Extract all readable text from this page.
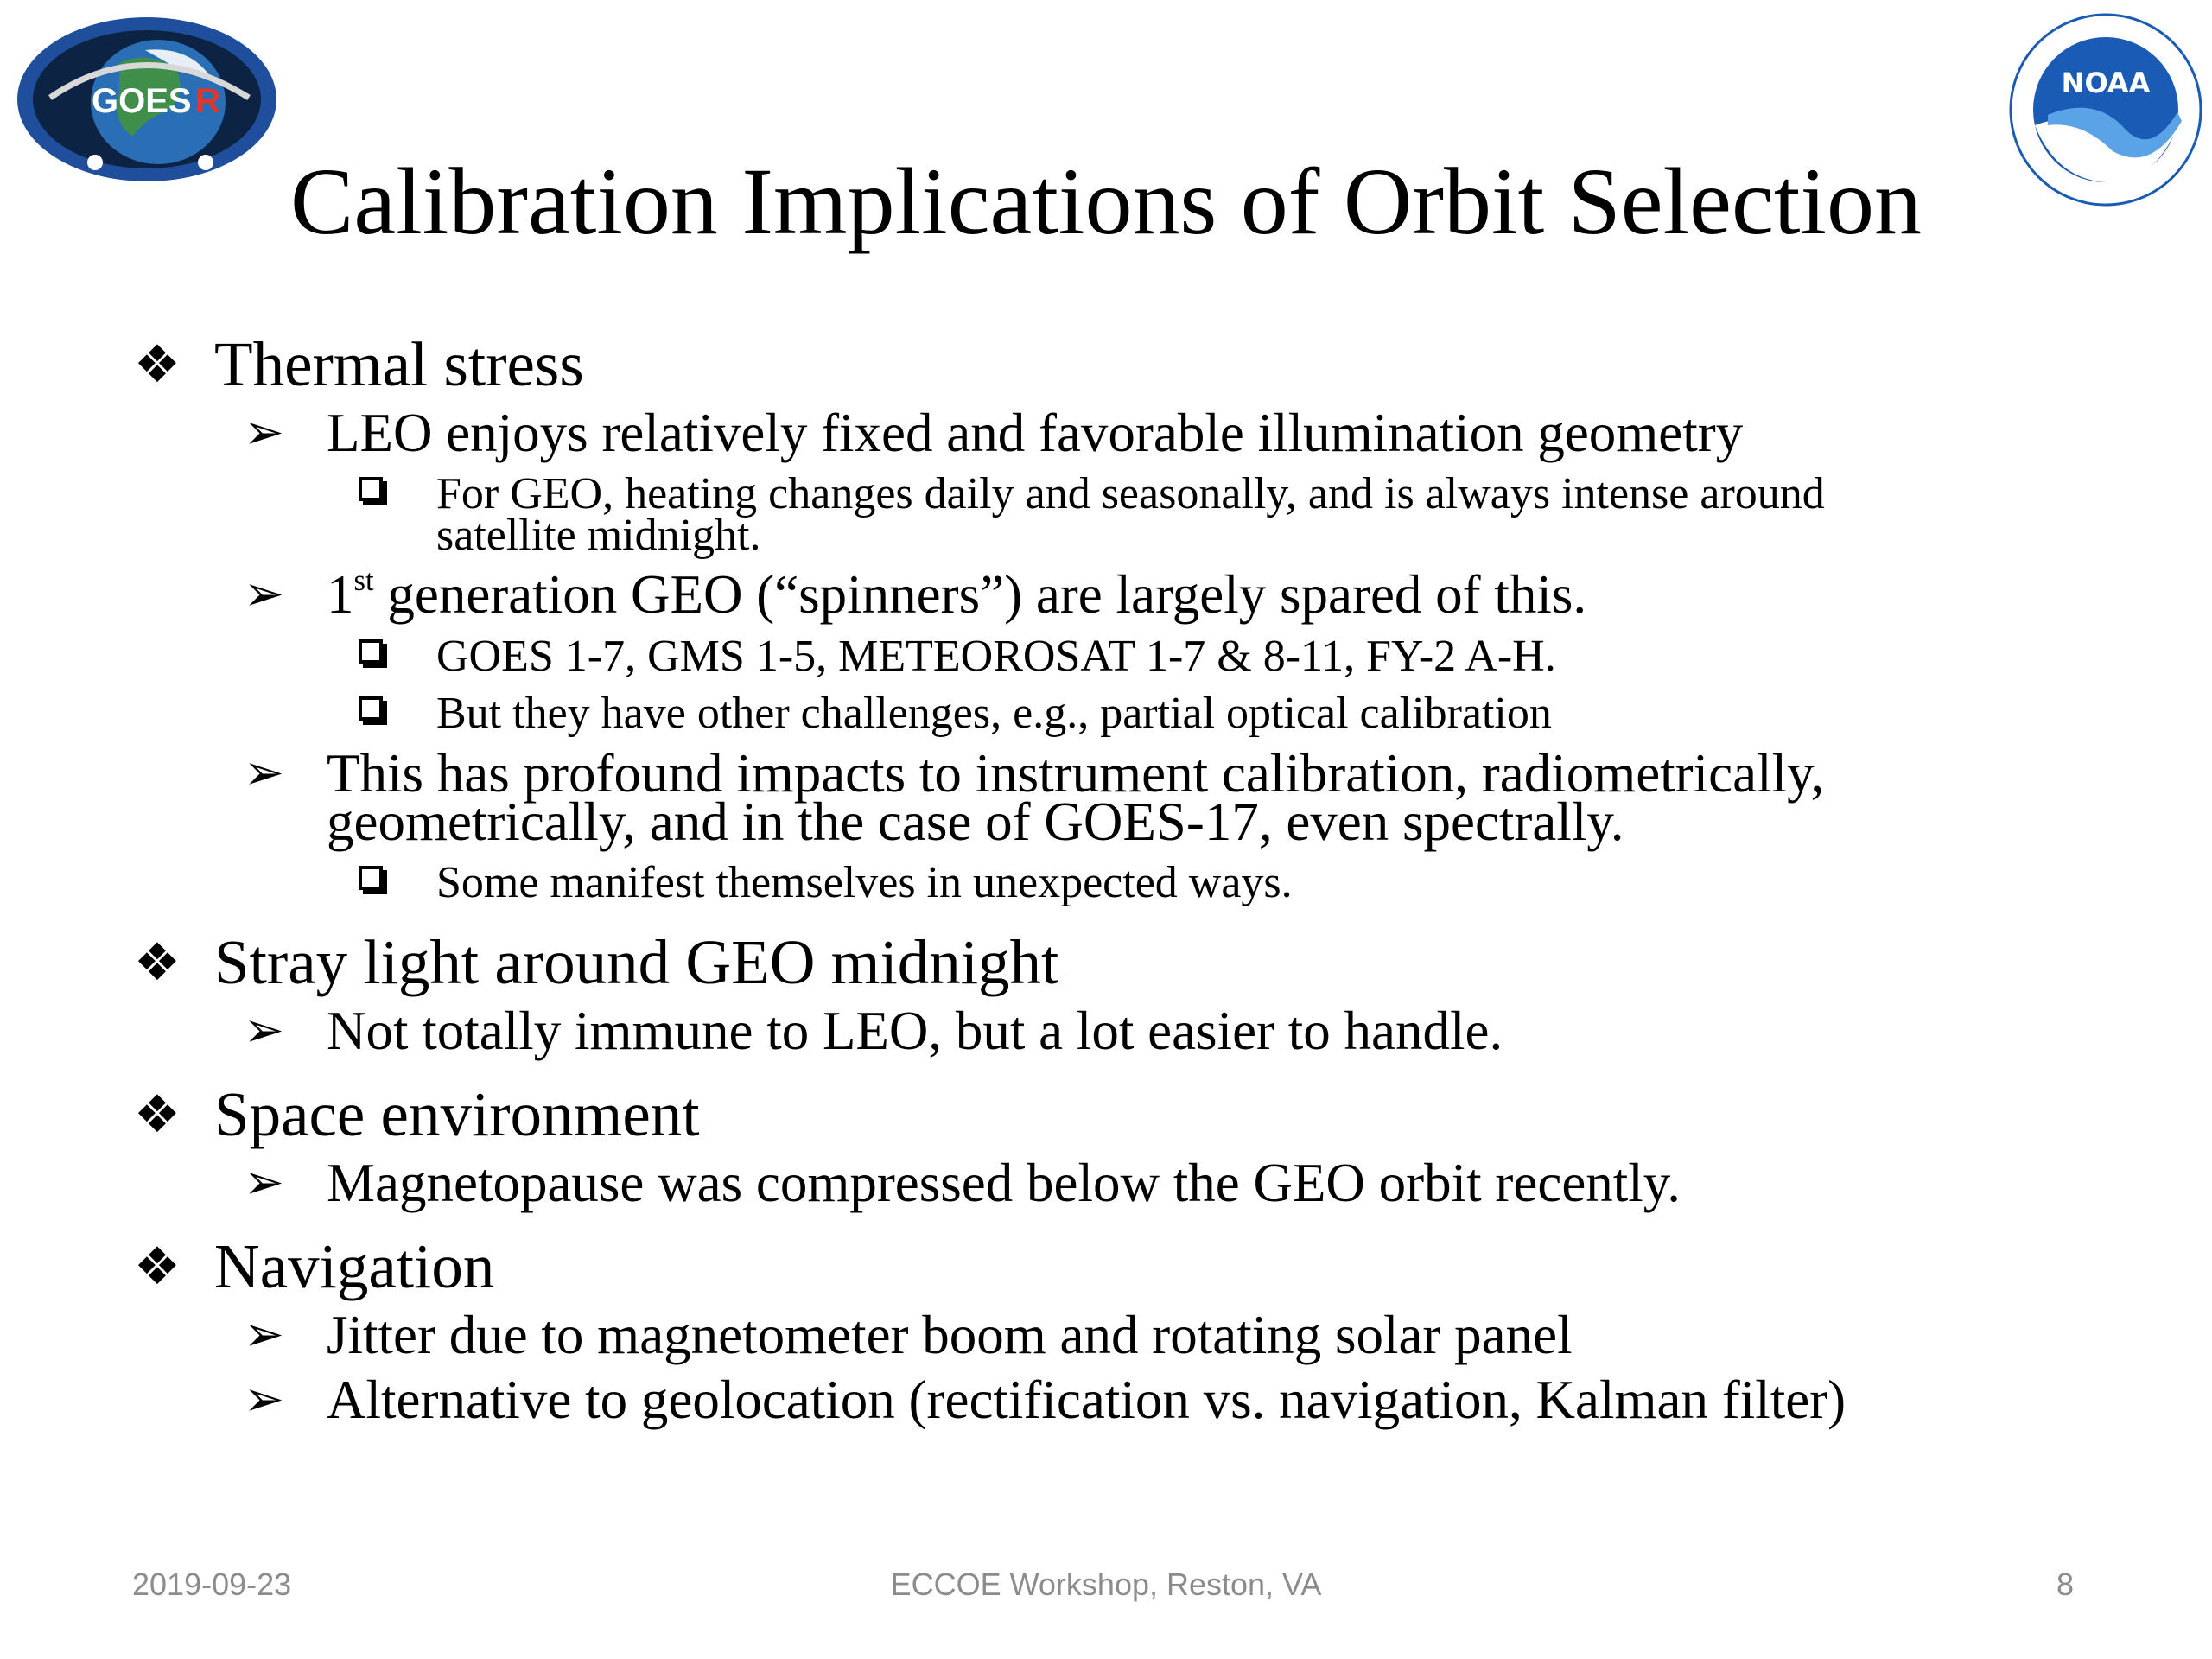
GOES R	NOAA
Calibration Implications of Orbit Selection
❖ Thermal stress
➢ LEO enjoys relatively fixed and favorable illumination geometry
For GEO, heating changes daily and seasonally, and is always intense around
satellite midnight.
➢ 1st generation GEO (“spinners”) are largely spared of this.
GOES 1-7, GMS 1-5, METEOROSAT 1-7 & 8-11, FY-2 A-H.
But they have other challenges, e.g., partial optical calibration
➢ This has profound impacts to instrument calibration, radiometrically,
geometrically, and in the case of GOES-17, even spectrally.
Some manifest themselves in unexpected ways.
❖ Stray light around GEO midnight
➢ Not totally immune to LEO, but a lot easier to handle.
❖ Space environment
➢ Magnetopause was compressed below the GEO orbit recently.
❖ Navigation
➢ Jitter due to magnetometer boom and rotating solar panel
➢ Alternative to geolocation (rectification vs. navigation, Kalman filter)
2019-09-23	ECCOE Workshop, Reston, VA	8
